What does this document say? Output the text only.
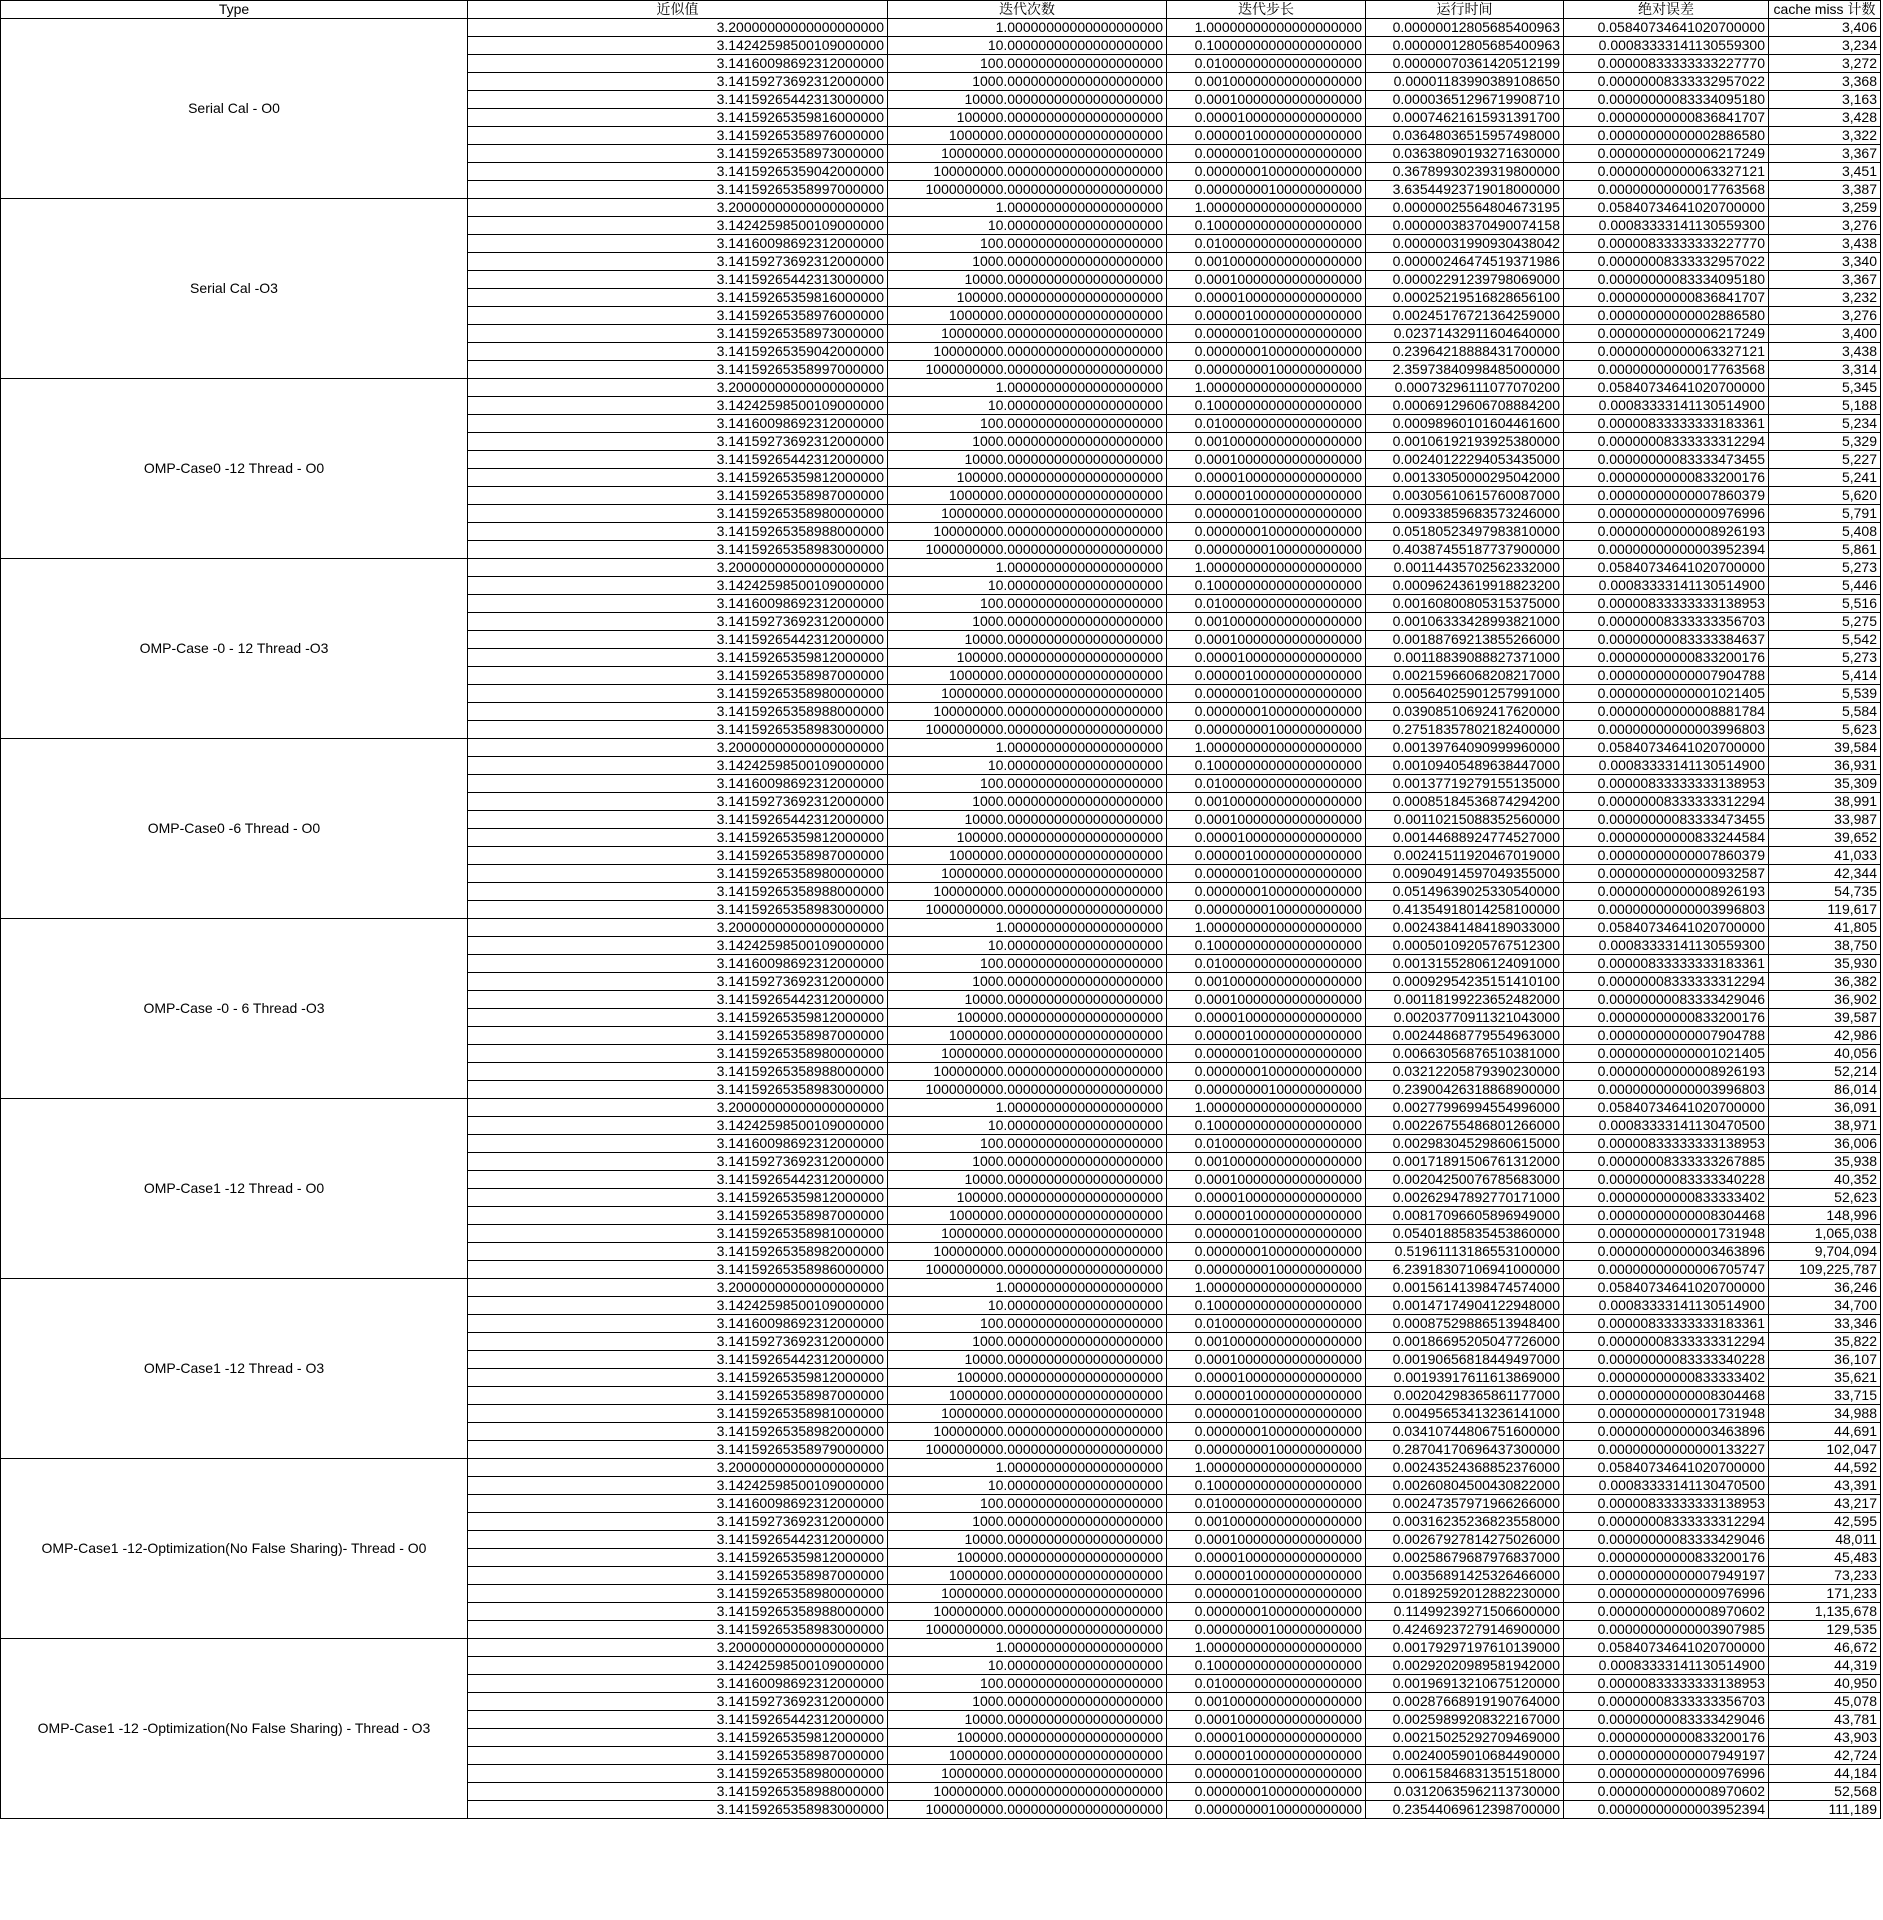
Type	近似值	迭代次数	迭代步长	运行时间	绝对误差	cache miss 计数
Serial Cal - O0	3.20000000000000000000	1.00000000000000000000	1.00000000000000000000	0.00000012805685400963	0.05840734641020700000	3,406
	3.14242598500109000000	10.00000000000000000000	0.10000000000000000000	0.00000012805685400963	0.00083333141130559300	3,234
	3.14160098692312000000	100.00000000000000000000	0.01000000000000000000	0.00000070361420512199	0.00000833333333227770	3,272
	3.14159273692312000000	1000.00000000000000000000	0.00100000000000000000	0.00001183990389108650	0.00000008333332957022	3,368
	3.14159265442313000000	10000.00000000000000000000	0.00010000000000000000	0.00003651296719908710	0.00000000083334095180	3,163
	3.14159265359816000000	100000.00000000000000000000	0.00001000000000000000	0.00074621615931391700	0.00000000000836841707	3,428
	3.14159265358976000000	1000000.00000000000000000000	0.00000100000000000000	0.03648036515957498000	0.00000000000002886580	3,322
	3.14159265358973000000	10000000.00000000000000000000	0.00000010000000000000	0.03638090193271630000	0.00000000000006217249	3,367
	3.14159265359042000000	100000000.00000000000000000000	0.00000001000000000000	0.36789930239319800000	0.00000000000063327121	3,451
	3.14159265358997000000	1000000000.00000000000000000000	0.00000000100000000000	3.63544923719018000000	0.00000000000017763568	3,387
Serial Cal -O3	3.20000000000000000000	1.00000000000000000000	1.00000000000000000000	0.00000025564804673195	0.05840734641020700000	3,259
	3.14242598500109000000	10.00000000000000000000	0.10000000000000000000	0.00000038370490074158	0.00083333141130559300	3,276
	3.14160098692312000000	100.00000000000000000000	0.01000000000000000000	0.00000031990930438042	0.00000833333333227770	3,438
	3.14159273692312000000	1000.00000000000000000000	0.00100000000000000000	0.00000246474519371986	0.00000008333332957022	3,340
	3.14159265442313000000	10000.00000000000000000000	0.00010000000000000000	0.00002291239798069000	0.00000000083334095180	3,367
	3.14159265359816000000	100000.00000000000000000000	0.00001000000000000000	0.00025219516828656100	0.00000000000836841707	3,232
	3.14159265358976000000	1000000.00000000000000000000	0.00000100000000000000	0.00245176721364259000	0.00000000000002886580	3,276
	3.14159265358973000000	10000000.00000000000000000000	0.00000010000000000000	0.02371432911604640000	0.00000000000006217249	3,400
	3.14159265359042000000	100000000.00000000000000000000	0.00000001000000000000	0.23964218888431700000	0.00000000000063327121	3,438
	3.14159265358997000000	1000000000.00000000000000000000	0.00000000100000000000	2.35973840998485000000	0.00000000000017763568	3,314
OMP-Case0 -12 Thread - O0	3.20000000000000000000	1.00000000000000000000	1.00000000000000000000	0.00073296111077070200	0.05840734641020700000	5,345
	3.14242598500109000000	10.00000000000000000000	0.10000000000000000000	0.00069129606708884200	0.00083333141130514900	5,188
	3.14160098692312000000	100.00000000000000000000	0.01000000000000000000	0.00098960101604461600	0.00000833333333183361	5,234
	3.14159273692312000000	1000.00000000000000000000	0.00100000000000000000	0.00106192193925380000	0.00000008333333312294	5,329
	3.14159265442312000000	10000.00000000000000000000	0.00010000000000000000	0.00240122294053435000	0.00000000083333473455	5,227
	3.14159265359812000000	100000.00000000000000000000	0.00001000000000000000	0.00133050000295042000	0.00000000000833200176	5,241
	3.14159265358987000000	1000000.00000000000000000000	0.00000100000000000000	0.00305610615760087000	0.00000000000007860379	5,620
	3.14159265358980000000	10000000.00000000000000000000	0.00000010000000000000	0.00933859683573246000	0.00000000000000976996	5,791
	3.14159265358988000000	100000000.00000000000000000000	0.00000001000000000000	0.05180523497983810000	0.00000000000008926193	5,408
	3.14159265358983000000	1000000000.00000000000000000000	0.00000000100000000000	0.40387455187737900000	0.00000000000003952394	5,861
OMP-Case -0 - 12 Thread -O3	3.20000000000000000000	1.00000000000000000000	1.00000000000000000000	0.00114435702562332000	0.05840734641020700000	5,273
	3.14242598500109000000	10.00000000000000000000	0.10000000000000000000	0.00096243619918823200	0.00083333141130514900	5,446
	3.14160098692312000000	100.00000000000000000000	0.01000000000000000000	0.00160800805315375000	0.00000833333333138953	5,516
	3.14159273692312000000	1000.00000000000000000000	0.00100000000000000000	0.00106333428993821000	0.00000008333333356703	5,275
	3.14159265442312000000	10000.00000000000000000000	0.00010000000000000000	0.00188769213855266000	0.00000000083333384637	5,542
	3.14159265359812000000	100000.00000000000000000000	0.00001000000000000000	0.00118839088827371000	0.00000000000833200176	5,273
	3.14159265358987000000	1000000.00000000000000000000	0.00000100000000000000	0.00215966068208217000	0.00000000000007904788	5,414
	3.14159265358980000000	10000000.00000000000000000000	0.00000010000000000000	0.00564025901257991000	0.00000000000001021405	5,539
	3.14159265358988000000	100000000.00000000000000000000	0.00000001000000000000	0.03908510692417620000	0.00000000000008881784	5,584
	3.14159265358983000000	1000000000.00000000000000000000	0.00000000100000000000	0.27518357802182400000	0.00000000000003996803	5,623
OMP-Case0 -6 Thread - O0	3.20000000000000000000	1.00000000000000000000	1.00000000000000000000	0.00139764090999960000	0.05840734641020700000	39,584
	3.14242598500109000000	10.00000000000000000000	0.10000000000000000000	0.00109405489638447000	0.00083333141130514900	36,931
	3.14160098692312000000	100.00000000000000000000	0.01000000000000000000	0.00137719279155135000	0.00000833333333138953	35,309
	3.14159273692312000000	1000.00000000000000000000	0.00100000000000000000	0.00085184536874294200	0.00000008333333312294	38,991
	3.14159265442312000000	10000.00000000000000000000	0.00010000000000000000	0.00110215088352560000	0.00000000083333473455	33,987
	3.14159265359812000000	100000.00000000000000000000	0.00001000000000000000	0.00144688924774527000	0.00000000000833244584	39,652
	3.14159265358987000000	1000000.00000000000000000000	0.00000100000000000000	0.00241511920467019000	0.00000000000007860379	41,033
	3.14159265358980000000	10000000.00000000000000000000	0.00000010000000000000	0.00904914597049355000	0.00000000000000932587	42,344
	3.14159265358988000000	100000000.00000000000000000000	0.00000001000000000000	0.05149639025330540000	0.00000000000008926193	54,735
	3.14159265358983000000	1000000000.00000000000000000000	0.00000000100000000000	0.41354918014258100000	0.00000000000003996803	119,617
OMP-Case -0 - 6 Thread -O3	3.20000000000000000000	1.00000000000000000000	1.00000000000000000000	0.00243841484189033000	0.05840734641020700000	41,805
	3.14242598500109000000	10.00000000000000000000	0.10000000000000000000	0.00050109205767512300	0.00083333141130559300	38,750
	3.14160098692312000000	100.00000000000000000000	0.01000000000000000000	0.00131552806124091000	0.00000833333333183361	35,930
	3.14159273692312000000	1000.00000000000000000000	0.00100000000000000000	0.00092954235151410100	0.00000008333333312294	36,382
	3.14159265442312000000	10000.00000000000000000000	0.00010000000000000000	0.00118199223652482000	0.00000000083333429046	36,902
	3.14159265359812000000	100000.00000000000000000000	0.00001000000000000000	0.00203770911321043000	0.00000000000833200176	39,587
	3.14159265358987000000	1000000.00000000000000000000	0.00000100000000000000	0.00244868779554963000	0.00000000000007904788	42,986
	3.14159265358980000000	10000000.00000000000000000000	0.00000010000000000000	0.00663056876510381000	0.00000000000001021405	40,056
	3.14159265358988000000	100000000.00000000000000000000	0.00000001000000000000	0.03212205879390230000	0.00000000000008926193	52,214
	3.14159265358983000000	1000000000.00000000000000000000	0.00000000100000000000	0.23900426318868900000	0.00000000000003996803	86,014
OMP-Case1 -12 Thread - O0	3.20000000000000000000	1.00000000000000000000	1.00000000000000000000	0.00277996994554996000	0.05840734641020700000	36,091
	3.14242598500109000000	10.00000000000000000000	0.10000000000000000000	0.00226755486801266000	0.00083333141130470500	38,971
	3.14160098692312000000	100.00000000000000000000	0.01000000000000000000	0.00298304529860615000	0.00000833333333138953	36,006
	3.14159273692312000000	1000.00000000000000000000	0.00100000000000000000	0.00171891506761312000	0.00000008333333267885	35,938
	3.14159265442312000000	10000.00000000000000000000	0.00010000000000000000	0.00204250076785683000	0.00000000083333340228	40,352
	3.14159265359812000000	100000.00000000000000000000	0.00001000000000000000	0.00262947892770171000	0.00000000000833333402	52,623
	3.14159265358987000000	1000000.00000000000000000000	0.00000100000000000000	0.00817096605896949000	0.00000000000008304468	148,996
	3.14159265358981000000	10000000.00000000000000000000	0.00000010000000000000	0.05401885835453860000	0.00000000000001731948	1,065,038
	3.14159265358982000000	100000000.00000000000000000000	0.00000001000000000000	0.51961113186553100000	0.00000000000003463896	9,704,094
	3.14159265358986000000	1000000000.00000000000000000000	0.00000000100000000000	6.23918307106941000000	0.00000000000006705747	109,225,787
OMP-Case1 -12 Thread - O3	3.20000000000000000000	1.00000000000000000000	1.00000000000000000000	0.00156141398474574000	0.05840734641020700000	36,246
	3.14242598500109000000	10.00000000000000000000	0.10000000000000000000	0.00147174904122948000	0.00083333141130514900	34,700
	3.14160098692312000000	100.00000000000000000000	0.01000000000000000000	0.00087529886513948400	0.00000833333333183361	33,346
	3.14159273692312000000	1000.00000000000000000000	0.00100000000000000000	0.00186695205047726000	0.00000008333333312294	35,822
	3.14159265442312000000	10000.00000000000000000000	0.00010000000000000000	0.00190656818449497000	0.00000000083333340228	36,107
	3.14159265359812000000	100000.00000000000000000000	0.00001000000000000000	0.00193917611613869000	0.00000000000833333402	35,621
	3.14159265358987000000	1000000.00000000000000000000	0.00000100000000000000	0.00204298365861177000	0.00000000000008304468	33,715
	3.14159265358981000000	10000000.00000000000000000000	0.00000010000000000000	0.00495653413236141000	0.00000000000001731948	34,988
	3.14159265358982000000	100000000.00000000000000000000	0.00000001000000000000	0.03410744806751600000	0.00000000000003463896	44,691
	3.14159265358979000000	1000000000.00000000000000000000	0.00000000100000000000	0.28704170696437300000	0.00000000000000133227	102,047
OMP-Case1 -12-Optimization(No False Sharing)- Thread - O0	3.20000000000000000000	1.00000000000000000000	1.00000000000000000000	0.00243524368852376000	0.05840734641020700000	44,592
	3.14242598500109000000	10.00000000000000000000	0.10000000000000000000	0.00260804500430822000	0.00083333141130470500	43,391
	3.14160098692312000000	100.00000000000000000000	0.01000000000000000000	0.00247357971966266000	0.00000833333333138953	43,217
	3.14159273692312000000	1000.00000000000000000000	0.00100000000000000000	0.00316235236823558000	0.00000008333333312294	42,595
	3.14159265442312000000	10000.00000000000000000000	0.00010000000000000000	0.00267927814275026000	0.00000000083333429046	48,011
	3.14159265359812000000	100000.00000000000000000000	0.00001000000000000000	0.00258679687976837000	0.00000000000833200176	45,483
	3.14159265358987000000	1000000.00000000000000000000	0.00000100000000000000	0.00356891425326466000	0.00000000000007949197	73,233
	3.14159265358980000000	10000000.00000000000000000000	0.00000010000000000000	0.01892592012882230000	0.00000000000000976996	171,233
	3.14159265358988000000	100000000.00000000000000000000	0.00000001000000000000	0.11499239271506600000	0.00000000000008970602	1,135,678
	3.14159265358983000000	1000000000.00000000000000000000	0.00000000100000000000	0.42469237279146900000	0.00000000000003907985	129,535
OMP-Case1 -12 -Optimization(No False Sharing) - Thread - O3	3.20000000000000000000	1.00000000000000000000	1.00000000000000000000	0.00179297197610139000	0.05840734641020700000	46,672
	3.14242598500109000000	10.00000000000000000000	0.10000000000000000000	0.00292020989581942000	0.00083333141130514900	44,319
	3.14160098692312000000	100.00000000000000000000	0.01000000000000000000	0.00196913210675120000	0.00000833333333138953	40,950
	3.14159273692312000000	1000.00000000000000000000	0.00100000000000000000	0.00287668919190764000	0.00000008333333356703	45,078
	3.14159265442312000000	10000.00000000000000000000	0.00010000000000000000	0.00259899208322167000	0.00000000083333429046	43,781
	3.14159265359812000000	100000.00000000000000000000	0.00001000000000000000	0.00215025292709469000	0.00000000000833200176	43,903
	3.14159265358987000000	1000000.00000000000000000000	0.00000100000000000000	0.00240059010684490000	0.00000000000007949197	42,724
	3.14159265358980000000	10000000.00000000000000000000	0.00000010000000000000	0.00615846831351518000	0.00000000000000976996	44,184
	3.14159265358988000000	100000000.00000000000000000000	0.00000001000000000000	0.03120635962113730000	0.00000000000008970602	52,568
	3.14159265358983000000	1000000000.00000000000000000000	0.00000000100000000000	0.23544069612398700000	0.00000000000003952394	111,189
